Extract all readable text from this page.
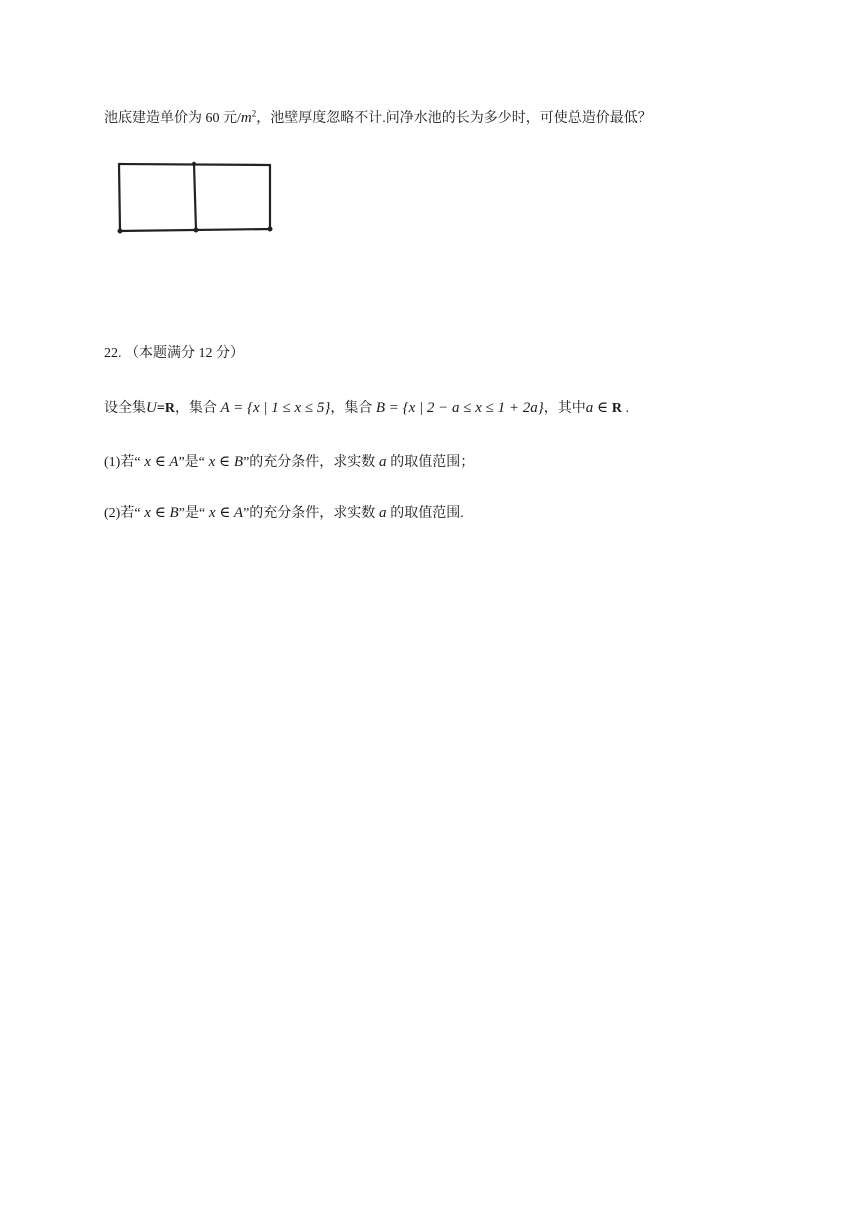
池底建造单价为 60 元$/m^2$，池壁厚度忽略不计.问净水池的长为多少时，可使总造价最低？
22. （本题满分 12 分）
设全集U=R，集合 A = {x | 1 ≤ x ≤ 5}，集合 B = {x | 2 − a ≤ x ≤ 1 + 2a}，其中a ∈ R .
(1)若“ x ∈ A”是“ x ∈ B”的充分条件，求实数 a 的取值范围；
(2)若“ x ∈ B”是“ x ∈ A”的充分条件，求实数 a 的取值范围.
